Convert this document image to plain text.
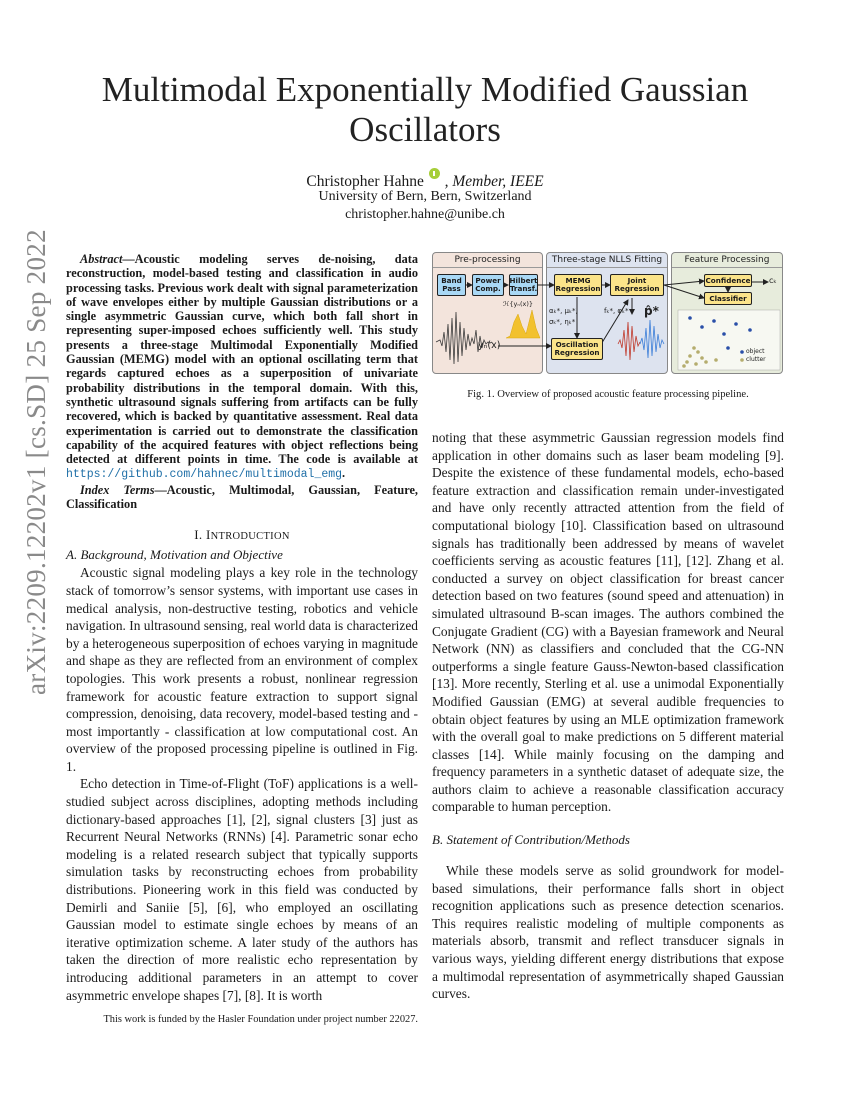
arXiv:2209.12202v1 [cs.SD] 25 Sep 2022
Multimodal Exponentially Modified Gaussian Oscillators
Christopher Hahne , Member, IEEE
University of Bern, Bern, Switzerland
christopher.hahne@unibe.ch

Abstract—Acoustic modeling serves de-noising, data reconstruction, model-based testing and classification in audio processing tasks. Previous work dealt with signal parameterization of wave envelopes either by multiple Gaussian distributions or a single asymmetric Gaussian curve, which both fall short in representing super-imposed echoes sufficiently well. This study presents a three-stage Multimodal Exponentially Modified Gaussian (MEMG) model with an optional oscillating term that regards captured echoes as a superposition of univariate probability distributions in the temporal domain. With this, synthetic ultrasound signals suffering from artifacts can be fully recovered, which is backed by quantitative assessment. Real data experimentation is carried out to demonstrate the classification capability of the acquired features with object reflections being detected at different points in time. The code is available at https://github.com/hahnec/multimodal_emg.

Index Terms—Acoustic, Multimodal, Gaussian, Feature, Classification

I. INTRODUCTION
A. Background, Motivation and Objective

Acoustic signal modeling plays a key role in the technology stack of tomorrow’s sensor systems, with important use cases in medical analysis, non-destructive testing, robotics and vehicle navigation. In ultrasound sensing, real world data is characterized by a heterogeneous superposition of echoes varying in magnitude and shape as they are reflected from an environment of complex topologies. This work presents a robust, nonlinear regression framework for acoustic feature extraction to support signal compression, denoising, data recovery, model-based testing and - most importantly - classification at low computational cost. An overview of the proposed processing pipeline is outlined in Fig. 1.

Echo detection in Time-of-Flight (ToF) applications is a well-studied subject across disciplines, adopting methods including dictionary-based approaches [1], [2], signal clusters [3] just as Recurrent Neural Networks (RNNs) [4]. Parametric sonar echo modeling is a related research subject that typically supports simulation tasks by reconstructing echoes from probability distributions. Pioneering work in this field was conducted by Demirli and Saniie [5], [6], who employed an oscillating Gaussian model to estimate single echoes by means of an iterative optimization scheme. A later study of the authors has taken the direction of more realistic echo representation by introducing additional parameters in an attempt to cover asymmetric envelope shapes [7], [8]. It is worth

This work is funded by the Hasler Foundation under project number 22027.
Pre-processing	Three-stage NLLS Fitting	Feature Processing
Band
Pass
Power
Comp.
Hilbert
Transf.
MEMG
Regression
Joint
Regression
Oscillation
Regression
Confidence
Classifier
ℋ{yₙ(x)}
yₙ(x)
αₖ*, μₖ*,
σₖ*, ηₖ*
fₖ*, φₖ* p̂*
cₖ
object
clutter
Fig. 1. Overview of proposed acoustic feature processing pipeline.

noting that these asymmetric Gaussian regression models find application in other domains such as laser beam modeling [9]. Despite the existence of these fundamental models, echo-based feature extraction and classification remain under-investigated and have only recently attracted attention from the field of computational biology [10]. Classification based on ultrasound signals has traditionally been addressed by means of wavelet coefficients serving as acoustic features [11], [12]. Zhang et al. conducted a survey on object classification for breast cancer detection based on two features (sound speed and attenuation) in simulated ultrasound B-scan images. The authors combined the Conjugate Gradient (CG) with a Bayesian framework and Neural Network (NN) as classifiers and concluded that the CG-NN outperforms a single feature Gauss-Newton-based classification [13]. More recently, Sterling et al. use a unimodal Exponentially Modified Gaussian (EMG) at several audible frequencies to obtain object features by using an MLE optimization framework with the overall goal to make predictions on 5 different material classes [14]. While mainly focusing on the damping and frequency parameters in a synthetic dataset of adequate size, the authors claim to achieve a reasonable classification accuracy comparable to human perception.

B. Statement of Contribution/Methods

While these models serve as solid groundwork for model-based simulations, their performance falls short in object recognition applications such as presence detection scenarios. This requires realistic modeling of multiple components as materials absorb, transmit and reflect transducer signals in various ways, yielding different energy distributions that expose a multimodal representation of asymmetrically shaped Gaussian curves.
